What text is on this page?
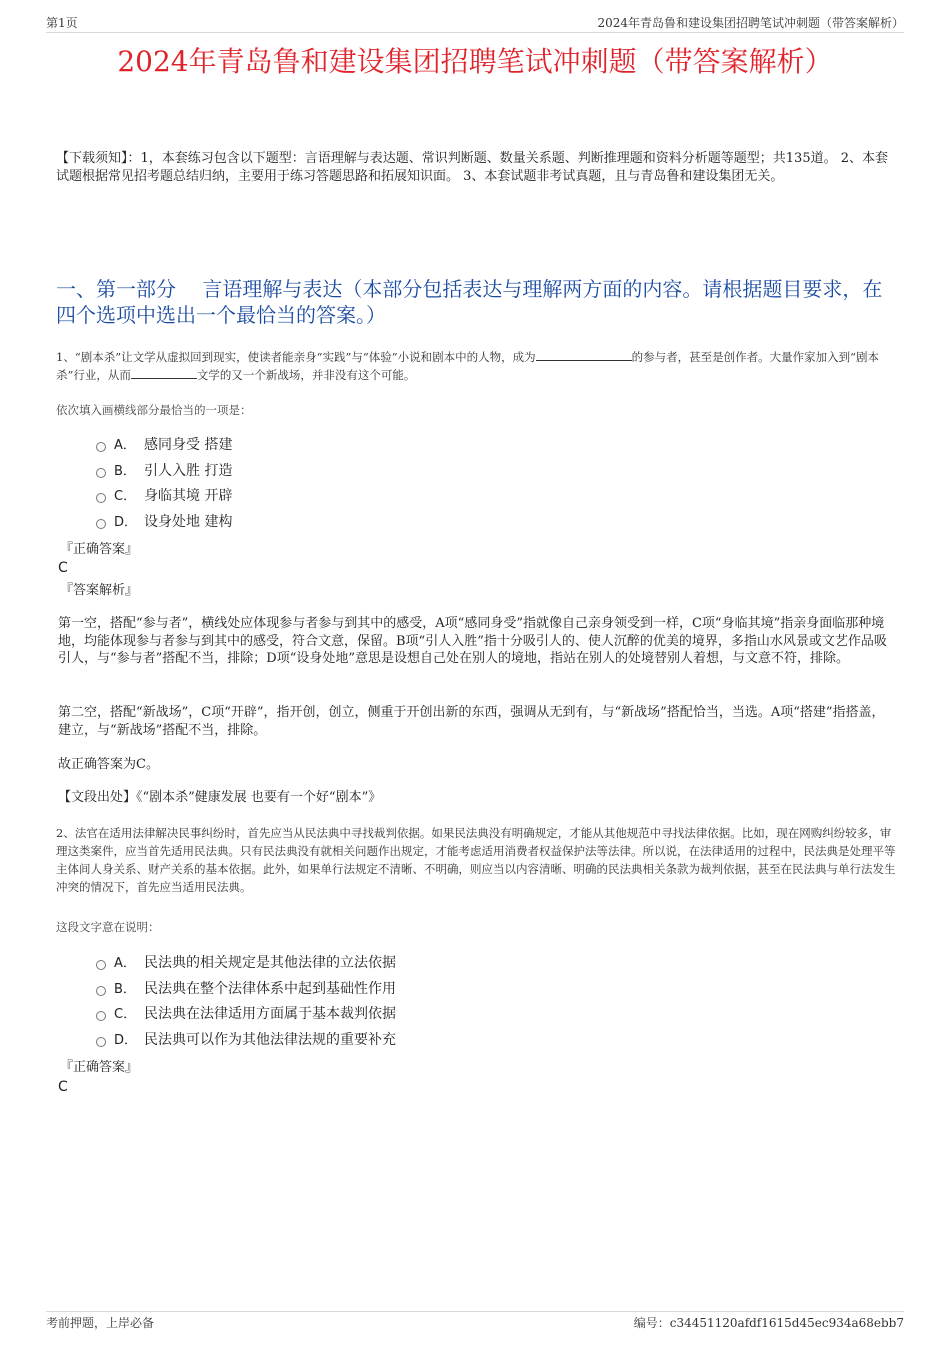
第1页	2024年青岛鲁和建设集团招聘笔试冲刺题（带答案解析）
2024年青岛鲁和建设集团招聘笔试冲刺题（带答案解析）
【下载须知】：1，本套练习包含以下题型：言语理解与表达题、常识判断题、数量关系题、判断推理题和资料分析题等题型；共135道。 2、本套试题根据常见招考题总结归纳，主要用于练习答题思路和拓展知识面。 3、本套试题非考试真题，且与青岛鲁和建设集团无关。
一、第一部分　 言语理解与表达（本部分包括表达与理解两方面的内容。请根据题目要求，在四个选项中选出一个最恰当的答案。）
1、“剧本杀”让文学从虚拟回到现实，使读者能亲身“实践”与“体验”小说和剧本中的人物，成为	的参与者，甚至是创作者。大量作家加入到“剧本杀”行业，从而	文学的又一个新战场，并非没有这个可能。
依次填入画横线部分最恰当的一项是：
A． 感同身受 搭建
B． 引人入胜 打造
C． 身临其境 开辟
D． 设身处地 建构
『正确答案』
C
『答案解析』
第一空，搭配“参与者”，横线处应体现参与者参与到其中的感受，A项“感同身受”指就像自己亲身领受到一样，C项“身临其境”指亲身面临那种境地，均能体现参与者参与到其中的感受，符合文意，保留。B项“引人入胜”指十分吸引人的、使人沉醉的优美的境界，多指山水风景或文艺作品吸引人，与“参与者”搭配不当，排除；D项“设身处地”意思是设想自己处在别人的境地，指站在别人的处境替别人着想，与文意不符，排除。
第二空，搭配“新战场”，C项“开辟”，指开创，创立，侧重于开创出新的东西，强调从无到有，与“新战场”搭配恰当，当选。A项“搭建”指搭盖，建立，与“新战场”搭配不当，排除。
故正确答案为C。
【文段出处】《“剧本杀”健康发展 也要有一个好“剧本”》
2、法官在适用法律解决民事纠纷时，首先应当从民法典中寻找裁判依据。如果民法典没有明确规定，才能从其他规范中寻找法律依据。比如，现在网购纠纷较多，审理这类案件，应当首先适用民法典。只有民法典没有就相关问题作出规定，才能考虑适用消费者权益保护法等法律。所以说，在法律适用的过程中，民法典是处理平等主体间人身关系、财产关系的基本依据。此外，如果单行法规定不清晰、不明确，则应当以内容清晰、明确的民法典相关条款为裁判依据，甚至在民法典与单行法发生冲突的情况下，首先应当适用民法典。
这段文字意在说明：
A． 民法典的相关规定是其他法律的立法依据
B． 民法典在整个法律体系中起到基础性作用
C． 民法典在法律适用方面属于基本裁判依据
D． 民法典可以作为其他法律法规的重要补充
『正确答案』
C
考前押题，上岸必备	编号：c34451120afdf1615d45ec934a68ebb7
